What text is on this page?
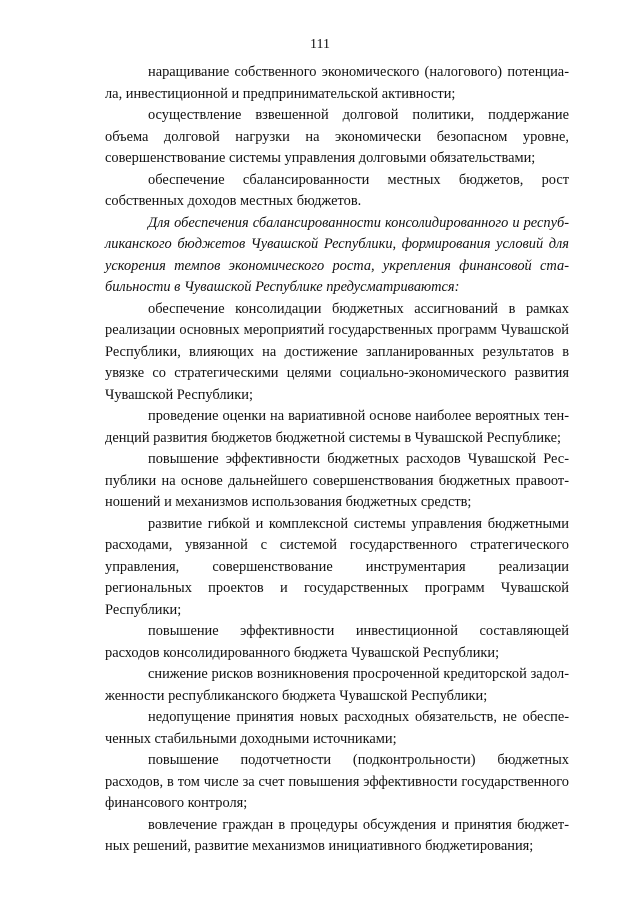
111

наращивание собственного экономического (налогового) потенциала, инвестиционной и предпринимательской активности;

осуществление взвешенной долговой политики, поддержание объема долговой нагрузки на экономически безопасном уровне, совершенствование системы управления долговыми обязательствами;

обеспечение сбалансированности местных бюджетов, рост собственных доходов местных бюджетов.

Для обеспечения сбалансированности консолидированного и республиканского бюджетов Чувашской Республики, формирования условий для ускорения темпов экономического роста, укрепления финансовой стабильности в Чувашской Республике предусматриваются:

обеспечение консолидации бюджетных ассигнований в рамках реализации основных мероприятий государственных программ Чувашской Республики, влияющих на достижение запланированных результатов в увязке со стратегическими целями социально-экономического развития Чувашской Республики;

проведение оценки на вариативной основе наиболее вероятных тенденций развития бюджетов бюджетной системы в Чувашской Республике;

повышение эффективности бюджетных расходов Чувашской Республики на основе дальнейшего совершенствования бюджетных правоотношений и механизмов использования бюджетных средств;

развитие гибкой и комплексной системы управления бюджетными расходами, увязанной с системой государственного стратегического управления, совершенствование инструментария реализации региональных проектов и государственных программ Чувашской Республики;

повышение эффективности инвестиционной составляющей расходов консолидированного бюджета Чувашской Республики;

снижение рисков возникновения просроченной кредиторской задолженности республиканского бюджета Чувашской Республики;

недопущение принятия новых расходных обязательств, не обеспеченных стабильными доходными источниками;

повышение подотчетности (подконтрольности) бюджетных расходов, в том числе за счет повышения эффективности государственного финансового контроля;

вовлечение граждан в процедуры обсуждения и принятия бюджетных решений, развитие механизмов инициативного бюджетирования;
